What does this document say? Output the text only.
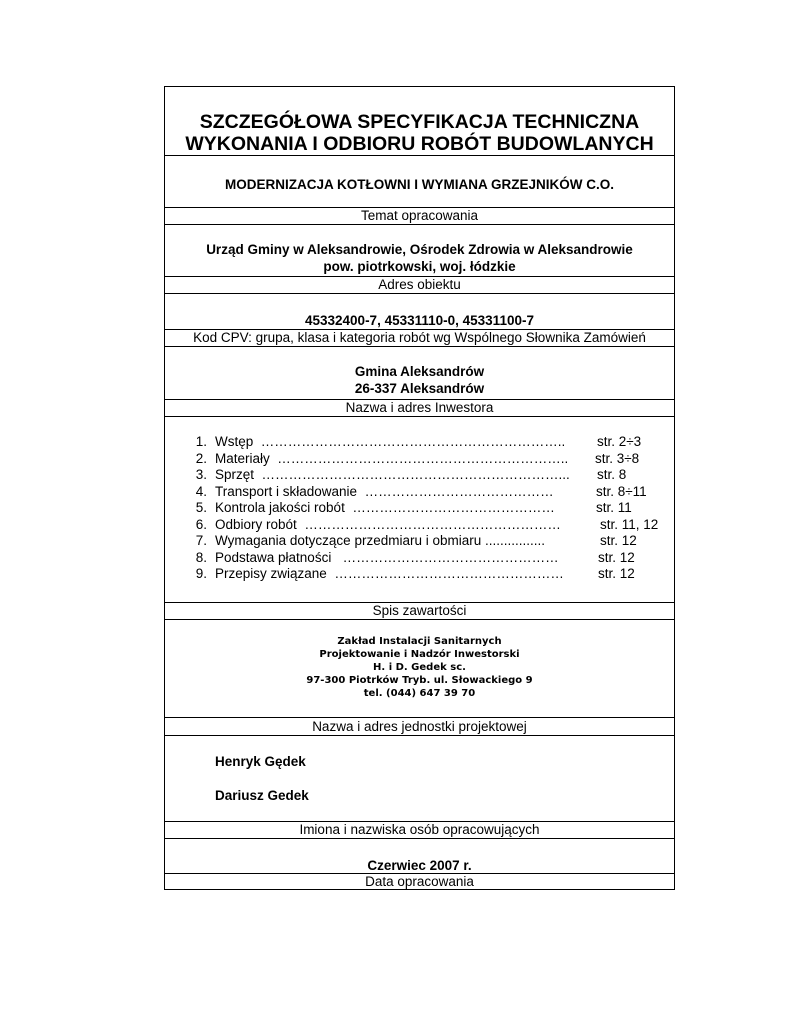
SZCZEGÓŁOWA SPECYFIKACJA TECHNICZNA
WYKONANIA I ODBIORU ROBÓT BUDOWLANYCH
MODERNIZACJA KOTŁOWNI I WYMIANA GRZEJNIKÓW C.O.
Temat opracowania
Urząd Gminy w Aleksandrowie, Ośrodek Zdrowia w Aleksandrowie
pow. piotrkowski, woj. łódzkie
Adres obiektu
45332400-7, 45331110-0, 45331100-7
Kod CPV: grupa, klasa i kategoria robót wg Wspólnego Słownika Zamówień
Gmina Aleksandrów
26-337 Aleksandrów
Nazwa i adres Inwestora
1. Wstęp ………………………………………………………….. str. 2÷3
2. Materiały ……………………………………………………….. str. 3÷8
3. Sprzęt …………………………………………………………... str. 8
4. Transport i składowanie ……………………………………	str. 8÷11
5. Kontrola jakości robót ………………………………………	str. 11
6. Odbiory robót …………………………………………………	str. 11, 12
7. Wymagania dotyczące przedmiaru i obmiaru ................	str. 12
8. Podstawa płatności …………………………………………	str. 12
9. Przepisy związane ……………………………………………	str. 12
Spis zawartości
Zakład Instalacji Sanitarnych
Projektowanie i Nadzór Inwestorski
H. i D. Gedek sc.
97-300 Piotrków Tryb. ul. Słowackiego 9
tel. (044) 647 39 70
Nazwa i adres jednostki projektowej
Henryk Gędek
Dariusz Gedek
Imiona i nazwiska osób opracowujących
Czerwiec 2007 r.
Data opracowania
